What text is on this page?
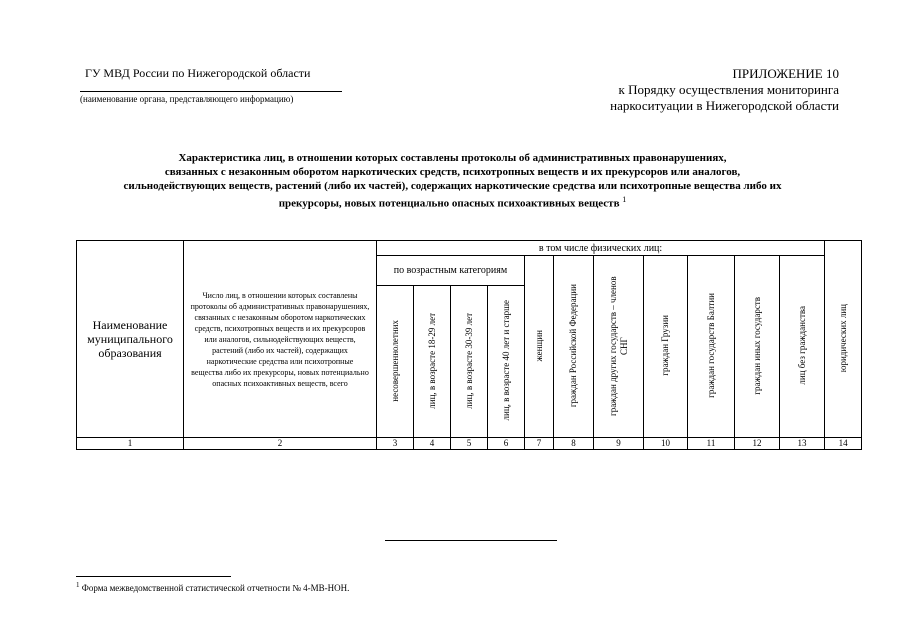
ГУ МВД России по Нижегородской области
(наименование органа, представляющего информацию)
ПРИЛОЖЕНИЕ 10
к Порядку осуществления мониторинга
наркоситуации в Нижегородской области
Характеристика лиц, в отношении которых составлены протоколы об административных правонарушениях,
связанных с незаконным оборотом наркотических средств, психотропных веществ и их прекурсоров или аналогов,
сильнодействующих веществ, растений (либо их частей), содержащих наркотические средства или психотропные вещества либо их
прекурсоры, новых потенциально опасных психоактивных веществ $^1$
Наименование муниципального образования	Число лиц, в отношении которых составлены протоколы об административных правонарушениях, связанных с незаконным оборотом наркотических средств, психотропных веществ и их прекурсоров или аналогов, сильнодействующих веществ, растений (либо их частей), содержащих наркотические средства или психотропные вещества либо их прекурсоры, новых потенциально опасных психоактивных веществ, всего	в том числе физических лиц:											юридических лиц
		по возрастным категориям				женщин	граждан Российской Федерации	граждан других государств – членов СНГ	граждан Грузии	граждан государств Балтии	граждан иных государств	лиц без гражданства	
		несовершеннолетних	лиц, в возрасте 18-29 лет	лиц, в возрасте 30-39 лет	лиц, в возрасте 40 лет и старше								
1	2	3	4	5	6	7	8	9	10	11	12	13	14
$^1$ Форма межведомственной статистической отчетности № 4-МВ-НОН.
